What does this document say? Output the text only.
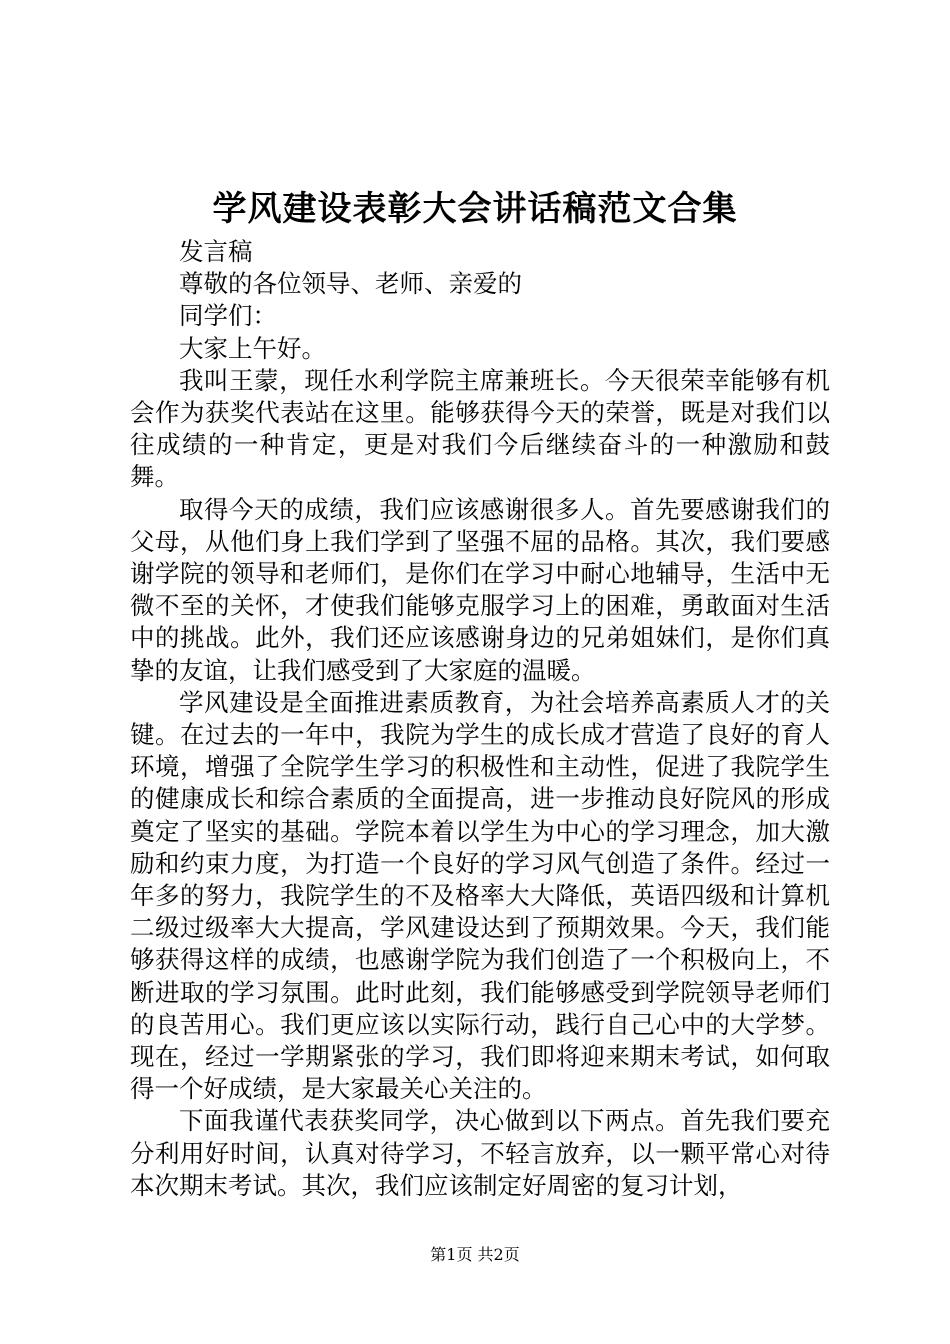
学风建设表彰大会讲话稿范文合集

发言稿

尊敬的各位领导、老师、亲爱的

同学们：

大家上午好。

我叫王蒙，现任水利学院主席兼班长。今天很荣幸能够有机会作为获奖代表站在这里。能够获得今天的荣誉，既是对我们以往成绩的一种肯定，更是对我们今后继续奋斗的一种激励和鼓舞。

取得今天的成绩，我们应该感谢很多人。首先要感谢我们的父母，从他们身上我们学到了坚强不屈的品格。其次，我们要感谢学院的领导和老师们，是你们在学习中耐心地辅导，生活中无微不至的关怀，才使我们能够克服学习上的困难，勇敢面对生活中的挑战。此外，我们还应该感谢身边的兄弟姐妹们，是你们真挚的友谊，让我们感受到了大家庭的温暖。

学风建设是全面推进素质教育，为社会培养高素质人才的关键。在过去的一年中，我院为学生的成长成才营造了良好的育人环境，增强了全院学生学习的积极性和主动性，促进了我院学生的健康成长和综合素质的全面提高，进一步推动良好院风的形成奠定了坚实的基础。学院本着以学生为中心的学习理念，加大激励和约束力度，为打造一个良好的学习风气创造了条件。经过一年多的努力，我院学生的不及格率大大降低，英语四级和计算机二级过级率大大提高，学风建设达到了预期效果。今天，我们能够获得这样的成绩，也感谢学院为我们创造了一个积极向上，不断进取的学习氛围。此时此刻，我们能够感受到学院领导老师们的良苦用心。我们更应该以实际行动，践行自己心中的大学梦。现在，经过一学期紧张的学习，我们即将迎来期末考试，如何取得一个好成绩，是大家最关心关注的。

下面我谨代表获奖同学，决心做到以下两点。首先我们要充分利用好时间，认真对待学习，不轻言放弃，以一颗平常心对待本次期末考试。其次，我们应该制定好周密的复习计划，

第1页 共2页
